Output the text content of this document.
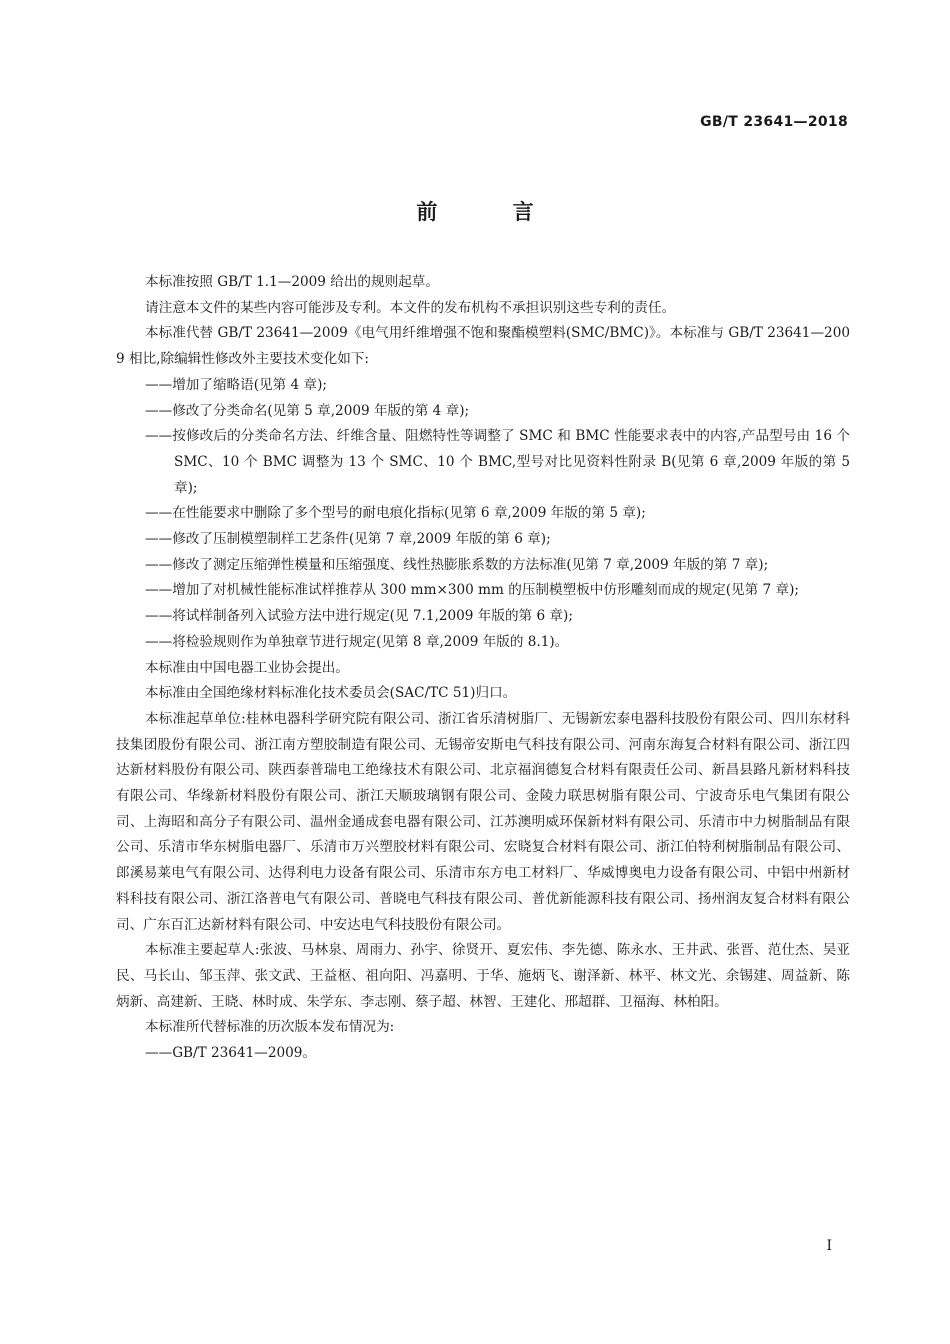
GB/T 23641—2018
前 言

本标准按照 GB/T 1.1—2009 给出的规则起草。

请注意本文件的某些内容可能涉及专利。本文件的发布机构不承担识别这些专利的责任。

本标准代替 GB/T 23641—2009《电气用纤维增强不饱和聚酯模塑料(SMC/BMC)》。本标准与 GB/T 23641—2009 相比,除编辑性修改外主要技术变化如下:

——增加了缩略语(见第 4 章);

——修改了分类命名(见第 5 章,2009 年版的第 4 章);

——按修改后的分类命名方法、纤维含量、阻燃特性等调整了 SMC 和 BMC 性能要求表中的内容,产品型号由 16 个 SMC、10 个 BMC 调整为 13 个 SMC、10 个 BMC,型号对比见资料性附录 B(见第 6 章,2009 年版的第 5 章);

——在性能要求中删除了多个型号的耐电痕化指标(见第 6 章,2009 年版的第 5 章);

——修改了压制模塑制样工艺条件(见第 7 章,2009 年版的第 6 章);

——修改了测定压缩弹性模量和压缩强度、线性热膨胀系数的方法标准(见第 7 章,2009 年版的第 7 章);

——增加了对机械性能标准试样推荐从 300 mm×300 mm 的压制模塑板中仿形雕刻而成的规定(见第 7 章);

——将试样制备列入试验方法中进行规定(见 7.1,2009 年版的第 6 章);

——将检验规则作为单独章节进行规定(见第 8 章,2009 年版的 8.1)。

本标准由中国电器工业协会提出。

本标准由全国绝缘材料标准化技术委员会(SAC/TC 51)归口。

本标准起草单位:桂林电器科学研究院有限公司、浙江省乐清树脂厂、无锡新宏泰电器科技股份有限公司、四川东材科技集团股份有限公司、浙江南方塑胶制造有限公司、无锡帝安斯电气科技有限公司、河南东海复合材料有限公司、浙江四达新材料股份有限公司、陕西泰普瑞电工绝缘技术有限公司、北京福润德复合材料有限责任公司、新昌县路凡新材料科技有限公司、华缘新材料股份有限公司、浙江天顺玻璃钢有限公司、金陵力联思树脂有限公司、宁波奇乐电气集团有限公司、上海昭和高分子有限公司、温州金通成套电器有限公司、江苏澳明威环保新材料有限公司、乐清市中力树脂制品有限公司、乐清市华东树脂电器厂、乐清市万兴塑胶材料有限公司、宏晓复合材料有限公司、浙江伯特利树脂制品有限公司、郎溪易莱电气有限公司、达得利电力设备有限公司、乐清市东方电工材料厂、华威博奥电力设备有限公司、中铝中州新材料科技有限公司、浙江洛普电气有限公司、普晓电气科技有限公司、普优新能源科技有限公司、扬州润友复合材料有限公司、广东百汇达新材料有限公司、中安达电气科技股份有限公司。

本标准主要起草人:张波、马林泉、周雨力、孙宇、徐贤开、夏宏伟、李先德、陈永水、王井武、张晋、范仕杰、吴亚民、马长山、邹玉萍、张文武、王益枢、祖向阳、冯嘉明、于华、施炳飞、谢泽新、林平、林文光、余锡建、周益新、陈炳新、高建新、王晓、林时成、朱学东、李志刚、蔡子超、林智、王建化、邢超群、卫福海、林柏阳。

本标准所代替标准的历次版本发布情况为:

——GB/T 23641—2009。

I
